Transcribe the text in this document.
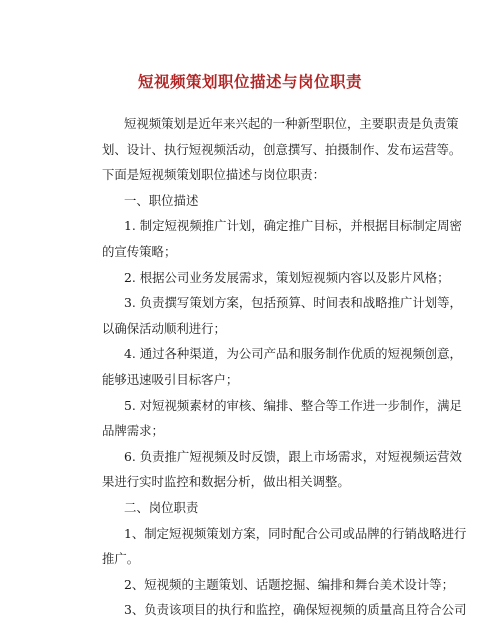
短视频策划职位描述与岗位职责
短视频策划是近年来兴起的一种新型职位，主要职责是负责策
划、设计、执行短视频活动，创意撰写、拍摄制作、发布运营等。
下面是短视频策划职位描述与岗位职责：
一、职位描述
1. 制定短视频推广计划，确定推广目标，并根据目标制定周密
的宣传策略；
2. 根据公司业务发展需求，策划短视频内容以及影片风格；
3. 负责撰写策划方案，包括预算、时间表和战略推广计划等，
以确保活动顺利进行；
4. 通过各种渠道，为公司产品和服务制作优质的短视频创意，
能够迅速吸引目标客户；
5. 对短视频素材的审核、编排、整合等工作进一步制作，满足
品牌需求；
6. 负责推广短视频及时反馈，跟上市场需求，对短视频运营效
果进行实时监控和数据分析，做出相关调整。
二、岗位职责
1、制定短视频策划方案，同时配合公司或品牌的行销战略进行
推广。
2、短视频的主题策划、话题挖掘、编排和舞台美术设计等；
3、负责该项目的执行和监控，确保短视频的质量高且符合公司
